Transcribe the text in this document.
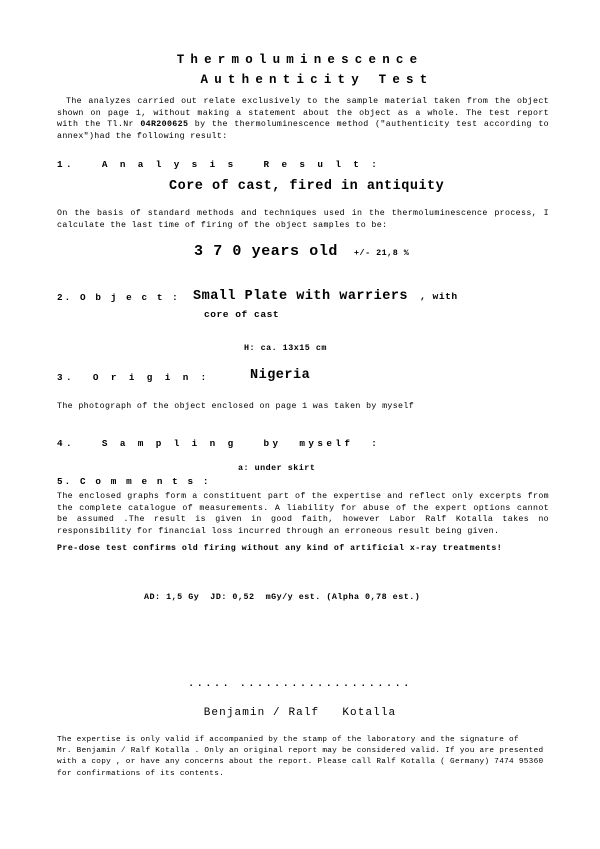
Thermoluminescence
Authenticity Test
The analyzes carried out relate exclusively to the sample material taken from the object shown on page 1, without making a statement about the object as a whole. The test report with the Tl.Nr 04R200625 by the thermoluminescence method ("authenticity test according to annex")had the following result:
1.   A n a l y s i s   R e s u l t :
Core of cast, fired in antiquity
On the basis of standard methods and techniques used in the thermoluminescence process, I calculate the last time of firing of the object samples to be:
3 7 0 years old +/- 21,8 %
2. O b j e c t : Small Plate with warriers , with
core of cast
H: ca. 13x15 cm
3.  O r i g i n :	Nigeria
The photograph of the object enclosed on page 1 was taken by myself
4.   S a m p l i n g   by  myself  :
a: under skirt
5. C o m m e n t s :
The enclosed graphs form a constituent part of the expertise and reflect only excerpts from the complete catalogue of measurements. A liability for abuse of the expert options cannot be assumed .The result is given in good faith, however Labor Ralf Kotalla takes no responsibility for financial loss incurred through an erroneous result being given.
Pre-dose test confirms old firing without any kind of artificial x-ray treatments!
AD: 1,5 Gy  JD: 0,52  mGy/y est. (Alpha 0,78 est.)
..... ....................
Benjamin / Ralf   Kotalla
The expertise is only valid if accompanied by the stamp of the laboratory and the signature of
Mr. Benjamin / Ralf Kotalla . Only an original report may be considered valid. If you are presented
with a copy , or have any concerns about the report. Please call Ralf Kotalla ( Germany) 7474 95360
for confirmations of its contents.
